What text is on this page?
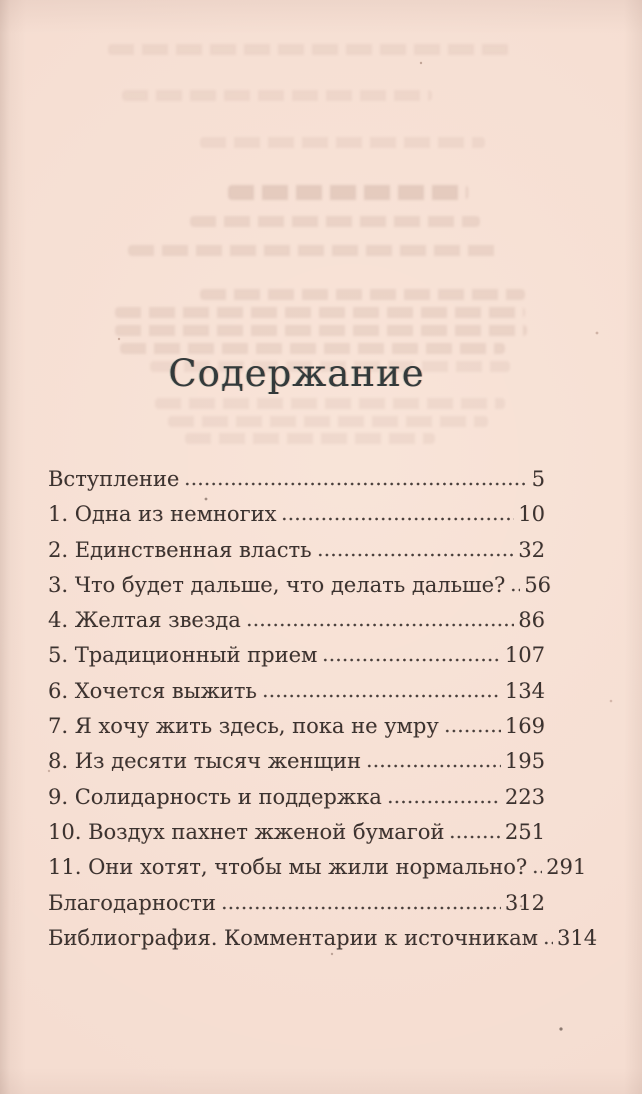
Содержание
Вступление	5
1. Одна из немногих	10
2. Единственная власть	32
3. Что будет дальше, что делать дальше? 56
4. Желтая звезда	86
5. Традиционный прием	107
6. Хочется выжить	134
7. Я хочу жить здесь, пока не умру	169
8. Из десяти тысяч женщин	195
9. Солидарность и поддержка	223
10. Воздух пахнет жженой бумагой	251
11. Они хотят, чтобы мы жили нормально? 291
Благодарности	312
Библиография. Комментарии к источникам 314
